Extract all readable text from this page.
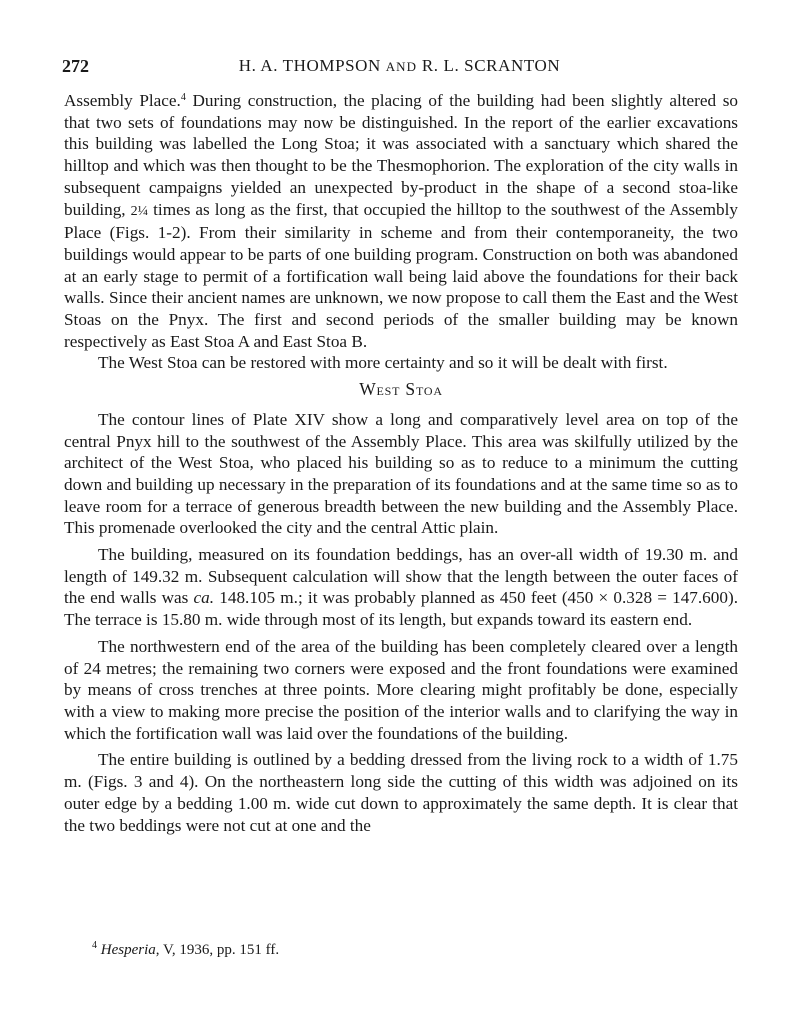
272	H. A. THOMPSON AND R. L. SCRANTON

Assembly Place.$^4$ During construction, the placing of the building had been slightly altered so that two sets of foundations may now be distinguished. In the report of the earlier excavations this building was labelled the Long Stoa; it was associated with a sanctuary which shared the hilltop and which was then thought to be the Thesmophorion. The exploration of the city walls in subsequent campaigns yielded an unexpected by-product in the shape of a second stoa-like building, 2¼ times as long as the first, that occupied the hilltop to the southwest of the Assembly Place (Figs. 1-2). From their similarity in scheme and from their contemporaneity, the two buildings would appear to be parts of one building program. Construction on both was abandoned at an early stage to permit of a fortification wall being laid above the foundations for their back walls. Since their ancient names are unknown, we now propose to call them the East and the West Stoas on the Pnyx. The first and second periods of the smaller building may be known respectively as East Stoa A and East Stoa B.

The West Stoa can be restored with more certainty and so it will be dealt with first.

West Stoa

The contour lines of Plate XIV show a long and comparatively level area on top of the central Pnyx hill to the southwest of the Assembly Place. This area was skilfully utilized by the architect of the West Stoa, who placed his building so as to reduce to a minimum the cutting down and building up necessary in the preparation of its foundations and at the same time so as to leave room for a terrace of generous breadth between the new building and the Assembly Place. This promenade overlooked the city and the central Attic plain.

The building, measured on its foundation beddings, has an over-all width of 19.30 m. and length of 149.32 m. Subsequent calculation will show that the length between the outer faces of the end walls was ca. 148.105 m.; it was probably planned as 450 feet (450 × 0.328 = 147.600). The terrace is 15.80 m. wide through most of its length, but expands toward its eastern end.

The northwestern end of the area of the building has been completely cleared over a length of 24 metres; the remaining two corners were exposed and the front foundations were examined by means of cross trenches at three points. More clearing might profitably be done, especially with a view to making more precise the position of the interior walls and to clarifying the way in which the fortification wall was laid over the foundations of the building.

The entire building is outlined by a bedding dressed from the living rock to a width of 1.75 m. (Figs. 3 and 4). On the northeastern long side the cutting of this width was adjoined on its outer edge by a bedding 1.00 m. wide cut down to approximately the same depth. It is clear that the two beddings were not cut at one and the

$^4$ Hesperia, V, 1936, pp. 151 ff.
